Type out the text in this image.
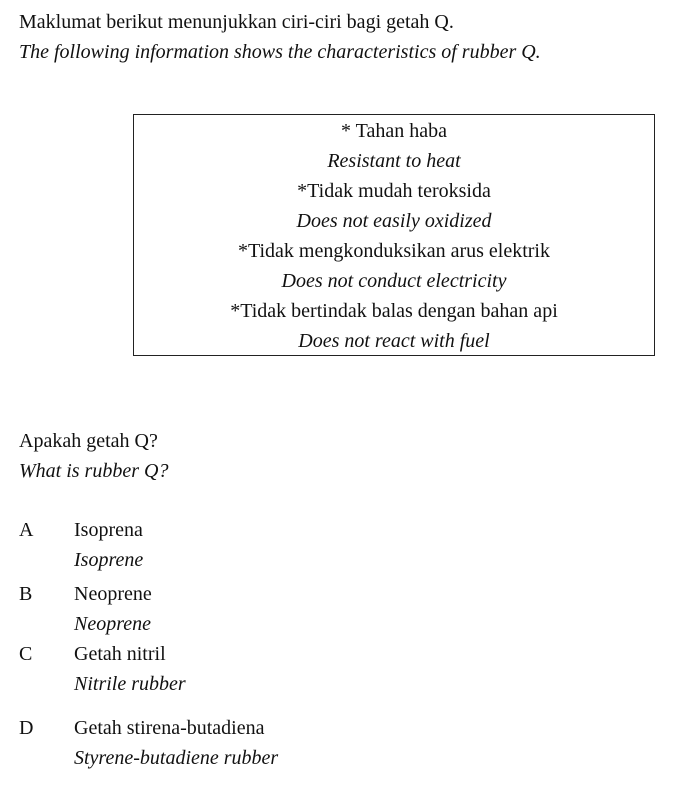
Maklumat berikut menunjukkan ciri-ciri bagi getah Q.
The following information shows the characteristics of rubber Q.
* Tahan haba
Resistant to heat
*Tidak mudah teroksida
Does not easily oxidized
*Tidak mengkonduksikan arus elektrik
Does not conduct electricity
*Tidak bertindak balas dengan bahan api
Does not react with fuel
Apakah getah Q?
What is rubber Q?
A Isoprena
Isoprene
B Neoprene
Neoprene
C Getah nitril
Nitrile rubber
D Getah stirena-butadiena
Styrene-butadiene rubber
